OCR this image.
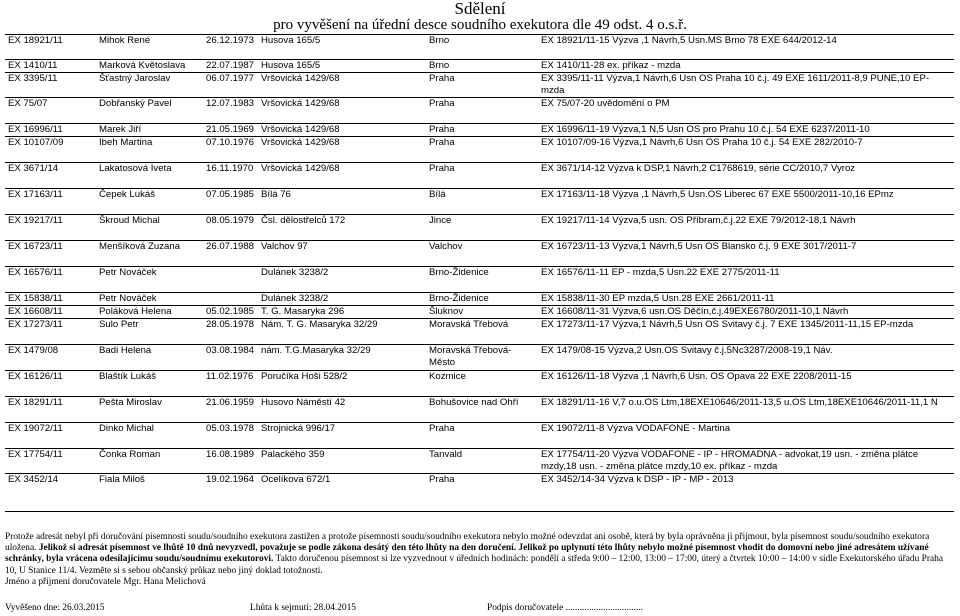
Sdělení
pro vyvěšení na úřední desce soudního exekutora dle 49 odst. 4 o.s.ř.
EX 18921/11	Mihok René	26.12.1973	Husova 165/5	Brno	EX 18921/11-15 Výzva ,1 Návrh,5 Usn.MS Brno 78 EXE 644/2012-14
EX 1410/11	Marková Květoslava	22.07.1987	Husova 165/5	Brno	EX 1410/11-28 ex. příkaz - mzda
EX 3395/11	Šťastný Jaroslav	06.07.1977	Vršovická 1429/68	Praha	EX 3395/11-11 Výzva,1 Návrh,6 Usn OS Praha 10 č.j. 49 EXE 1611/2011-8,9 PUNE,10 EP-mzda
EX 75/07	Dobřanský Pavel	12.07.1983	Vršovická 1429/68	Praha	EX 75/07-20 uvědomění o PM
EX 16996/11	Marek Jiří	21.05.1969	Vršovická 1429/68	Praha	EX 16996/11-19 Výzva,1 N,5 Usn OS pro Prahu 10 č.j. 54 EXE 6237/2011-10
EX 10107/09	Ibeh Martina	07.10.1976	Vršovická 1429/68	Praha	EX 10107/09-16 Výzva,1 Návrh,6 Usn OS Praha 10 č.j. 54 EXE 282/2010-7
EX 3671/14	Lakatosová Iveta	16.11.1970	Vršovická 1429/68	Praha	EX 3671/14-12 Výzva k DSP,1 Návrh,2 C1768619, série CC/2010,7 Vyroz
EX 17163/11	Čepek Lukáš	07.05.1985	Bílá 76	Bílá	EX 17163/11-18 Výzva ,1 Návrh,5 Usn.OS Liberec 67 EXE 5500/2011-10,16 EPmz
EX 19217/11	Škroud Michal	08.05.1979	Čsl. dělostřelců 172	Jince	EX 19217/11-14 Výzva,5 usn. OS Příbram,č.j.22 EXE 79/2012-18,1 Návrh
EX 16723/11	Menšíková Zuzana	26.07.1988	Valchov 97	Valchov	EX 16723/11-13 Výzva,1 Návrh,5 Usn OS Blansko č.j. 9 EXE 3017/2011-7
EX 16576/11	Petr Nováček		Dulánek 3238/2	Brno-Židenice	EX 16576/11-11 EP - mzda,5 Usn.22 EXE 2775/2011-11
EX 15838/11	Petr Nováček		Dulánek 3238/2	Brno-Židenice	EX 15838/11-30 EP mzda,5 Usn.28 EXE 2661/2011-11
EX 16608/11	Poláková Helena	05.02.1985	T. G. Masaryka 296	Šluknov	EX 16608/11-31 Výzva,6 usn.OS Děčín,č.j.49EXE6780/2011-10,1 Návrh
EX 17273/11	Sulo Petr	28.05.1978	Nám. T. G. Masaryka 32/29	Moravská Třebová	EX 17273/11-17 Výzva,1 Návrh,5 Usn OS Svitavy č.j. 7 EXE 1345/2011-11,15 EP-mzda
EX 1479/08	Badi Helena	03.08.1984	nám. T.G.Masaryka 32/29	Moravská Třebová-Město	EX 1479/08-15 Výzva,2 Usn.OS Svitavy č.j.5Nc3287/2008-19,1 Náv.
EX 16126/11	Blaštík Lukáš	11.02.1976	Poručíka Hoši 528/2	Kozmice	EX 16126/11-18 Výzva ,1 Návrh,6 Usn. OS Opava 22 EXE 2208/2011-15
EX 18291/11	Pešta Miroslav	21.06.1959	Husovo Náměstí 42	Bohušovice nad Ohří	EX 18291/11-16 V,7 o.u.OS Ltm,18EXE10646/2011-13,5 u.OS Ltm,18EXE10646/2011-11,1 N
EX 19072/11	Dinko Michal	05.03.1978	Strojnická 996/17	Praha	EX 19072/11-8 Výzva VODAFONE - Martina
EX 17754/11	Čonka Roman	16.08.1989	Palackého 359	Tanvald	EX 17754/11-20 Výzva VODAFONE - IP - HROMADNA - advokat,19 usn. - změna plátce mzdy,18 usn. - změna plátce mzdy,10 ex. příkaz - mzda
EX 3452/14	Fiala Miloš	19.02.1964	Ocelíkova 672/1	Praha	EX 3452/14-34 Výzva k DSP - IP - MP - 2013

Protože adresát nebyl při doručování písemnosti soudu/soudního exekutora zastižen a protože písemnosti soudu/soudního exekutora nebylo možné odevzdat ani osobě, která by byla oprávněna ji přijmout, byla písemnost soudu/soudního exekutora uložena. Jelikož si adresát písemnost ve lhůtě 10 dnů nevyzvedl, považuje se podle zákona desátý den této lhůty na den doručení. Jelikož po uplynutí této lhůty nebylo možné písemnost vhodit do domovní nebo jiné adresátem užívané schránky, byla vrácena odesílajícímu soudu/soudnímu exekutorovi. Takto doručenou písemnost si lze vyzvednout v úředních hodinách: pondělí a středa 9:00 – 12:00, 13:00 – 17:00, úterý a čtvrtek 10:00 – 14:00 v sídle Exekutorského úřadu Praha 10, U Stanice 11/4. Vezměte si s sebou občanský průkaz nebo jiný doklad totožnosti.

Jméno a příjmení doručovatele Mgr. Hana Melichová

Vyvěšeno dne: 26.03.2015	Lhůta k sejmutí: 28.04.2015	Podpis doručovatele .................................
